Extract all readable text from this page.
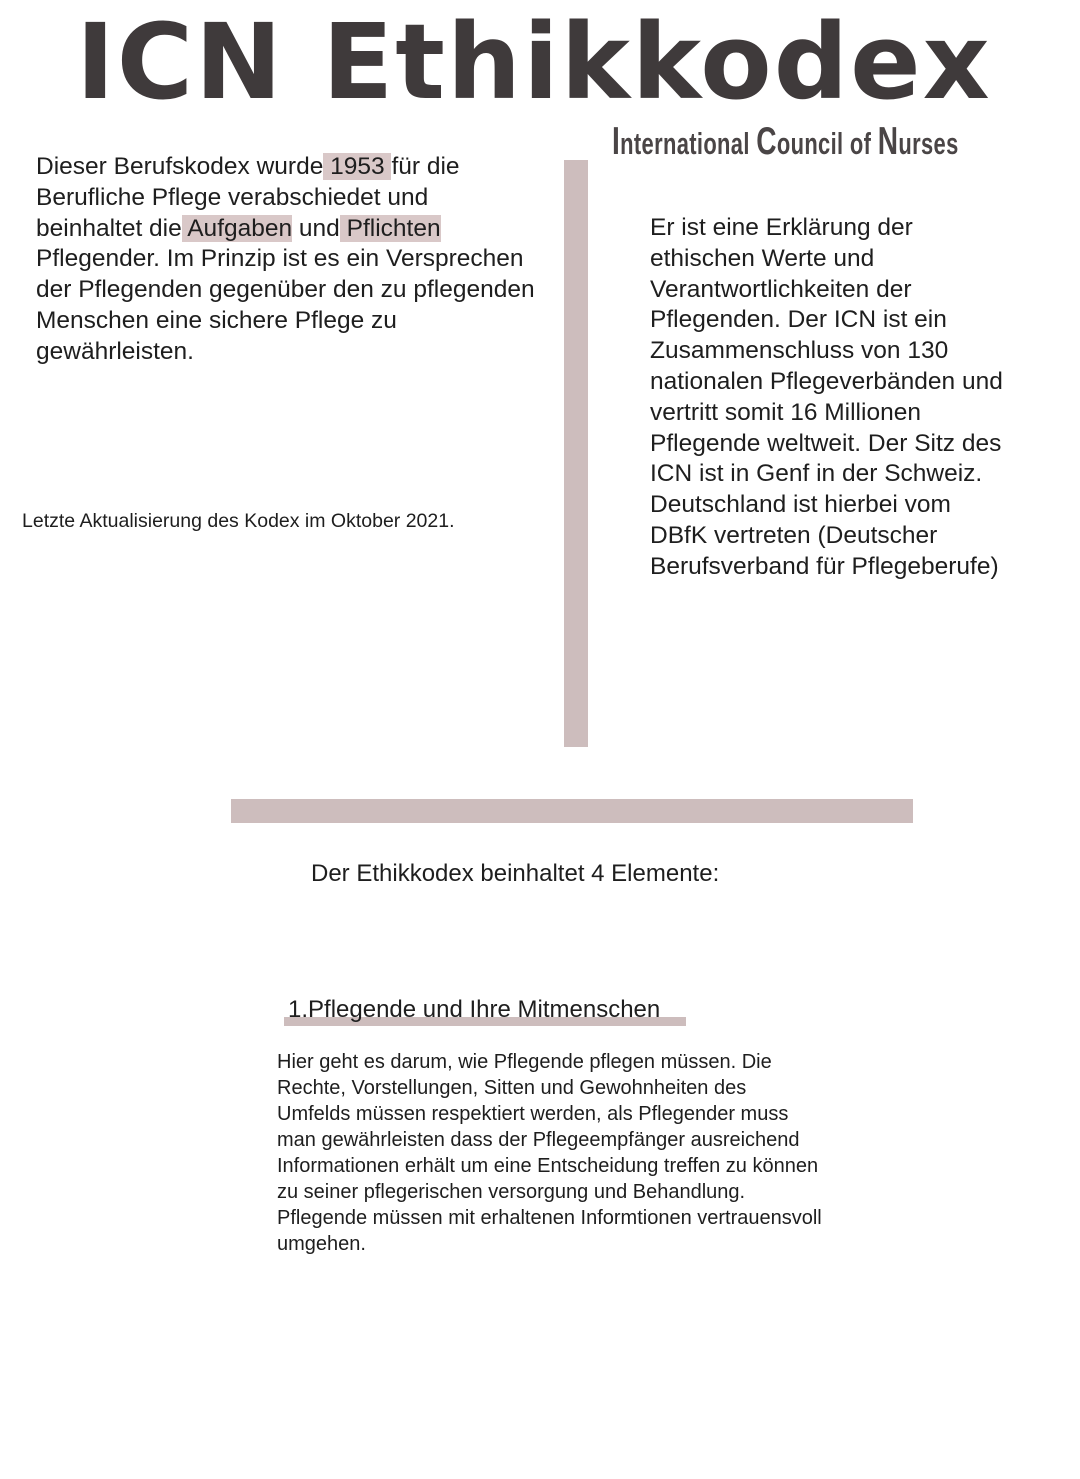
ICN Ethikkodex
International Council of Nurses

Dieser Berufskodex wurde 1953 für die Berufliche Pflege verabschiedet und beinhaltet die Aufgaben und Pflichten Pflegender. Im Prinzip ist es ein Versprechen der Pflegenden gegenüber den zu pflegenden Menschen eine sichere Pflege zu gewährleisten.

Letzte Aktualisierung des Kodex im Oktober 2021.

Er ist eine Erklärung der ethischen Werte und Verantwortlichkeiten der Pflegenden. Der ICN ist ein Zusammenschluss von 130 nationalen Pflegeverbänden und vertritt somit 16 Millionen Pflegende weltweit. Der Sitz des ICN ist in Genf in der Schweiz. Deutschland ist hierbei vom DBfK vertreten (Deutscher Berufsverband für Pflegeberufe)

Der Ethikkodex beinhaltet 4 Elemente:

1.Pflegende und Ihre Mitmenschen

Hier geht es darum, wie Pflegende pflegen müssen. Die Rechte, Vorstellungen, Sitten und Gewohnheiten des Umfelds müssen respektiert werden, als Pflegender muss man gewährleisten dass der Pflegeempfänger ausreichend Informationen erhält um eine Entscheidung treffen zu können zu seiner pflegerischen versorgung und Behandlung. Pflegende müssen mit erhaltenen Informtionen vertrauensvoll umgehen.
